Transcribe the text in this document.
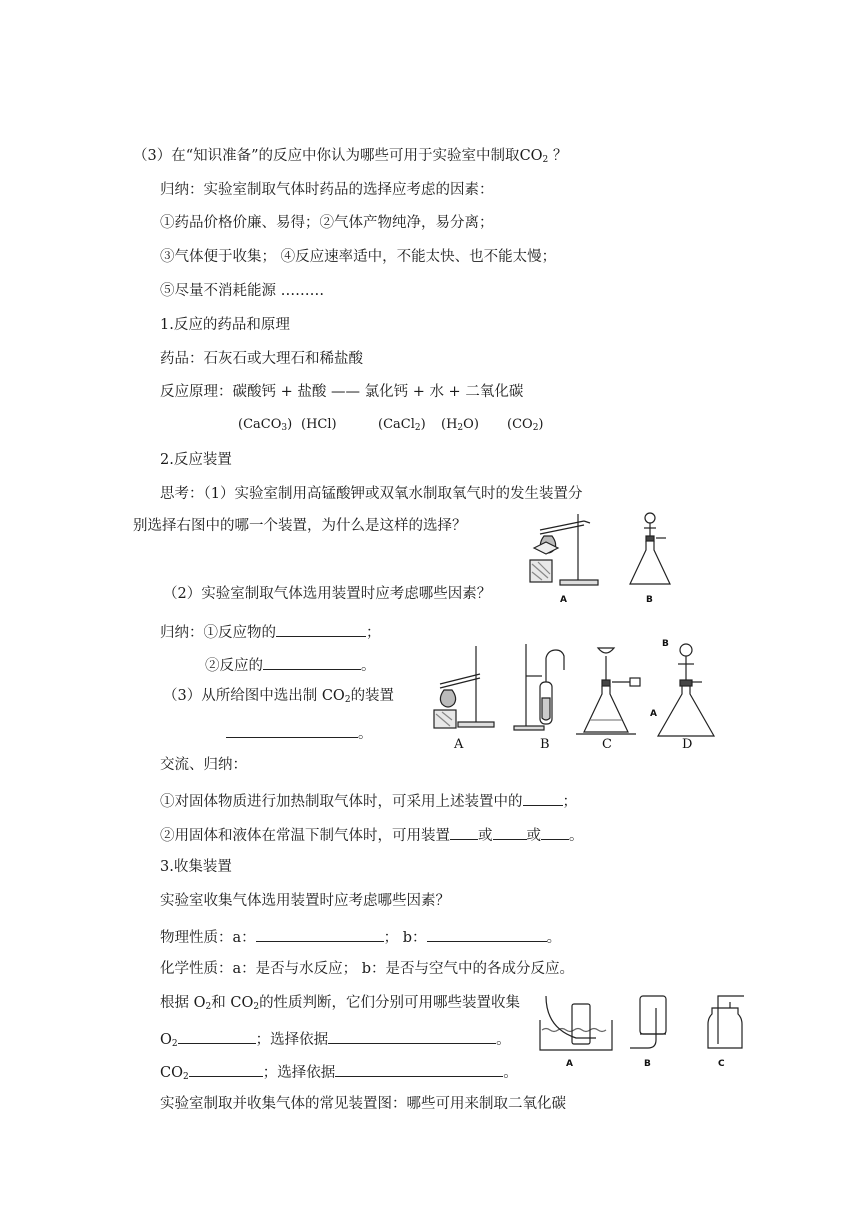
（3）在“知识准备”的反应中你认为哪些可用于实验室中制取$CO_2$ ？
归纳：实验室制取气体时药品的选择应考虑的因素：
①药品价格价廉、易得；②气体产物纯净，易分离；
③气体便于收集； ④反应速率适中，不能太快、也不能太慢；
⑤尽量不消耗能源 ………
1.反应的药品和原理
药品：石灰石或大理石和稀盐酸
反应原理：碳酸钙 + 盐酸 —— 氯化钙 + 水 + 二氧化碳
(CaCO$_3$) (HCl)	(CaCl$_2$) $(H_2O)$ $(CO_2)$
2.反应装置
思考：（1）实验室制用高锰酸钾或双氧水制取氧气时的发生装置分
别选择右图中的哪一个装置，为什么是这样的选择？
A	B
（2）实验室制取气体选用装置时应考虑哪些因素？
归纳：①反应物的	；
②反应的	。
（3）从所给图中选出制 $CO_2$的装置
。
B
A
A	B	C	D
交流、归纳：
①对固体物质进行加热制取气体时，可采用上述装置中的	；
②用固体和液体在常温下制气体时，可用装置 或 或 。
3.收集装置
实验室收集气体选用装置时应考虑哪些因素？
物理性质：a：	； b：	。
化学性质：a：是否与水反应； b：是否与空气中的各成分反应。
根据 $O_2$和 $CO_2$的性质判断，它们分别可用哪些装置收集
$O_2$	；选择依据	。
$CO_2$	；选择依据	。
A	B	C
实验室制取并收集气体的常见装置图：哪些可用来制取二氧化碳
